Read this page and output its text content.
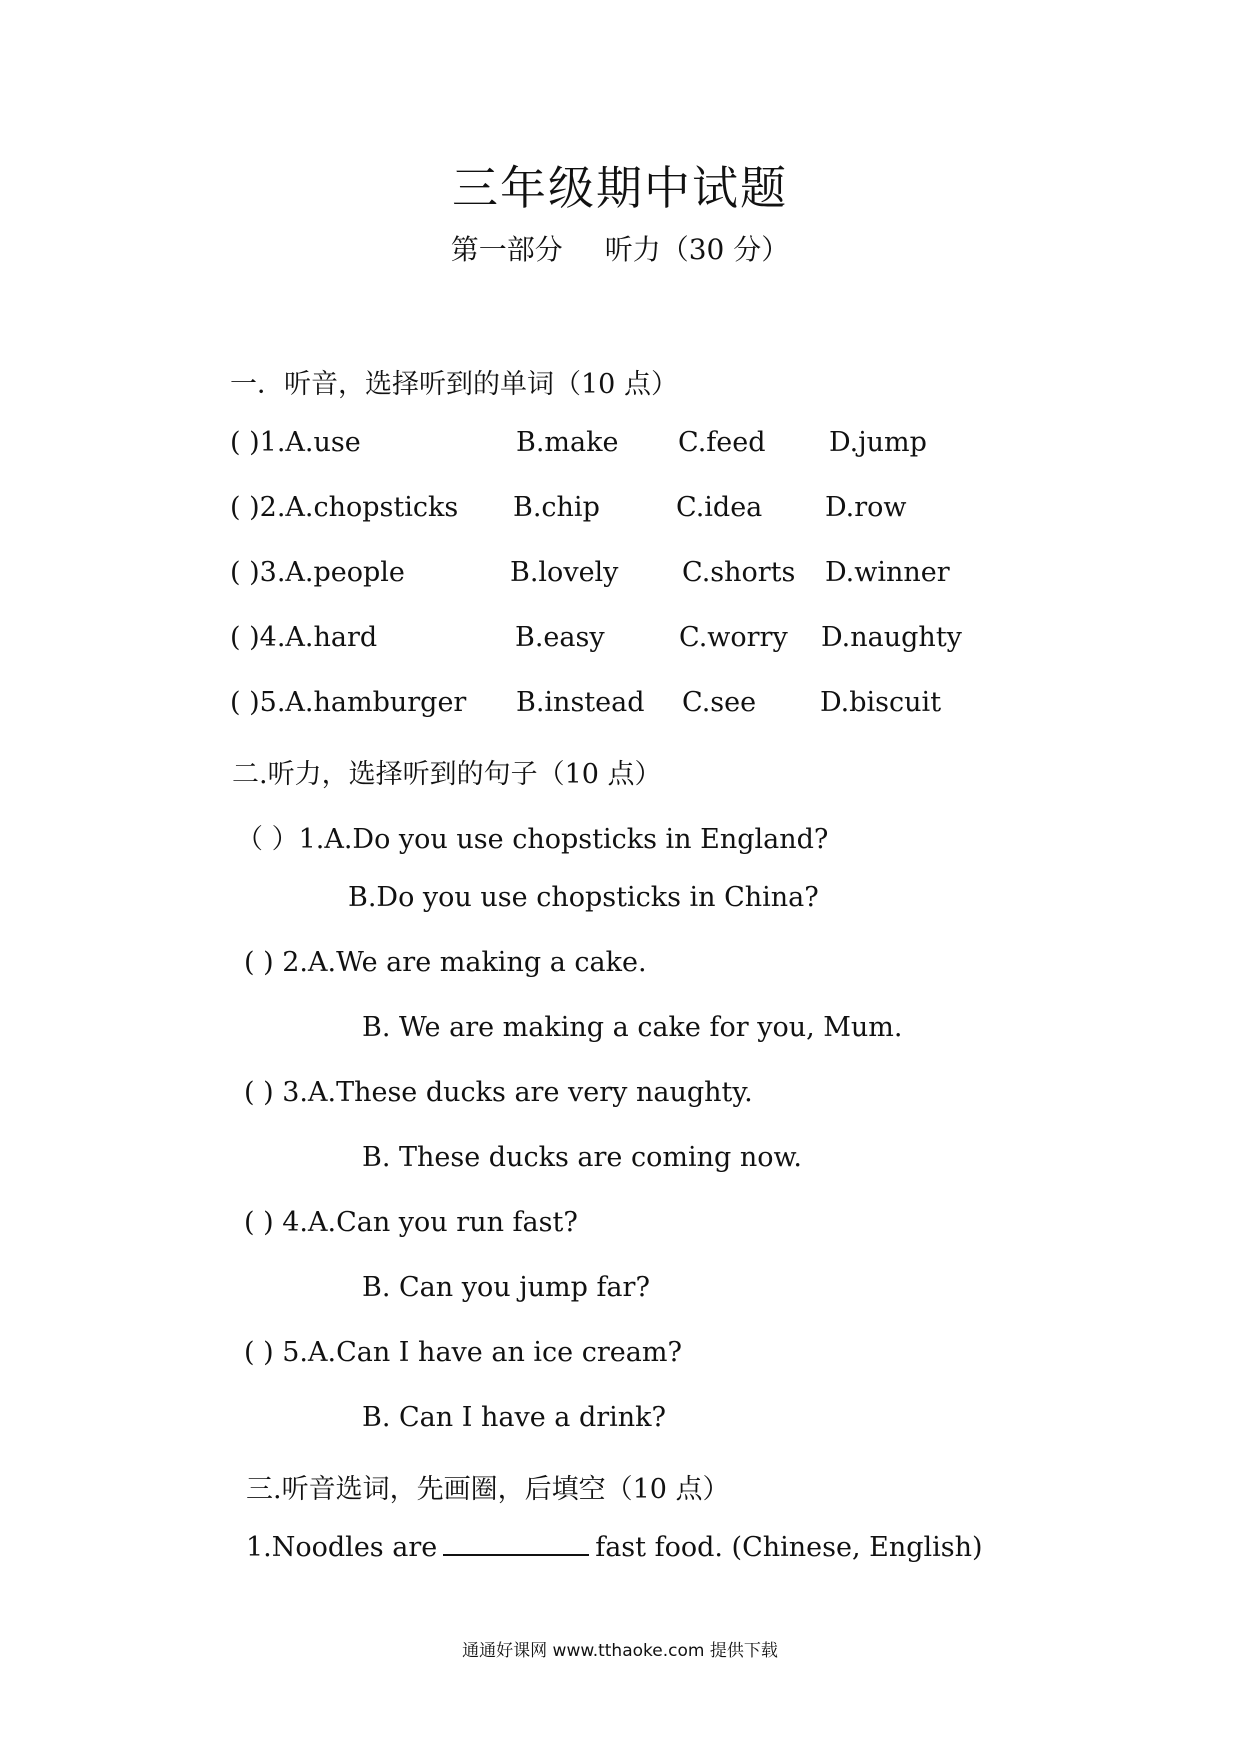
三年级期中试题
第一部分 听力（30 分）
一．听音，选择听到的单词（10 点）
( )1.A.use	B.make C.feed D.jump
( )2.A.chopsticks B.chip	C.idea D.row
( )3.A.people	B.lovely C.shorts D.winner
( )4.A.hard	B.easy	C.worry D.naughty
( )5.A.hamburger B.instead C.see D.biscuit
二.听力，选择听到的句子（10 点）
（ ）1.A.Do you use chopsticks in England?
B.Do you use chopsticks in China?
( ) 2.A.We are making a cake.
B. We are making a cake for you, Mum.
( ) 3.A.These ducks are very naughty.
B. These ducks are coming now.
( ) 4.A.Can you run fast?
B. Can you jump far?
( ) 5.A.Can I have an ice cream?
B. Can I have a drink?
三.听音选词，先画圈，后填空（10 点）
1.Noodles are	fast food. (Chinese, English)
通通好课网 www.tthaoke.com 提供下载
